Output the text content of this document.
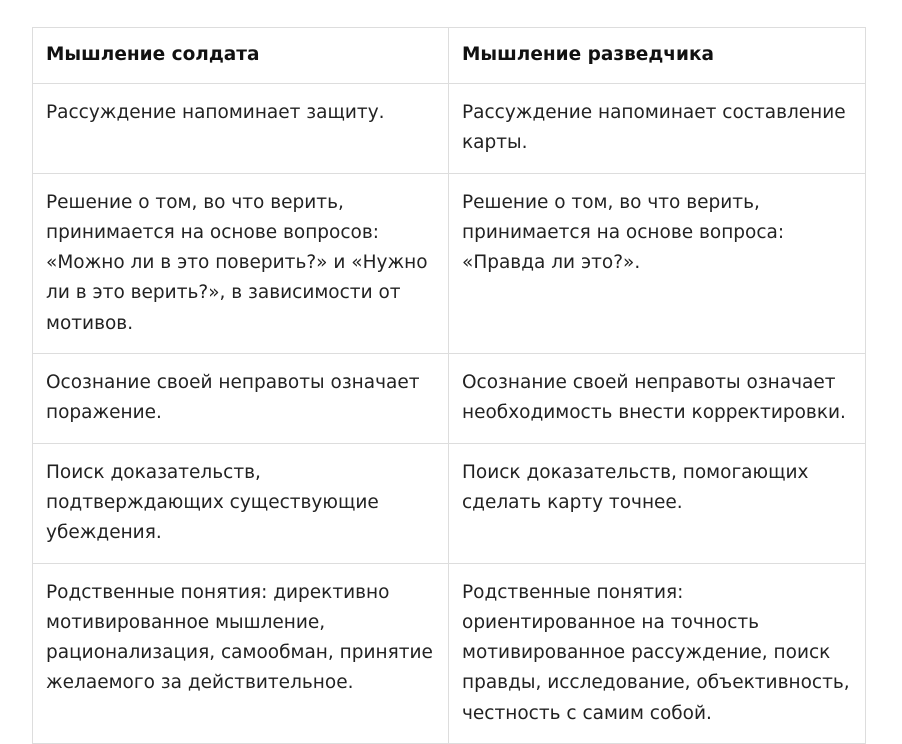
Мышление солдата	Мышление разведчика
Рассуждение напоминает защиту.	Рассуждение напоминает составление карты.
Решение о том, во что верить, принимается на основе вопросов: «Можно ли в это поверить?» и «Нужно ли в это верить?», в зависимости от мотивов.	Решение о том, во что верить, принимается на основе вопроса: «Правда ли это?».
Осознание своей неправоты означает поражение.	Осознание своей неправоты означает необходимость внести корректировки.
Поиск доказательств, подтверждающих существующие убеждения.	Поиск доказательств, помогающих сделать карту точнее.
Родственные понятия: директивно мотивированное мышление, рационализация, самообман, принятие желаемого за действительное.	Родственные понятия: ориентированное на точность мотивированное рассуждение, поиск правды, исследование, объективность, честность с самим собой.
